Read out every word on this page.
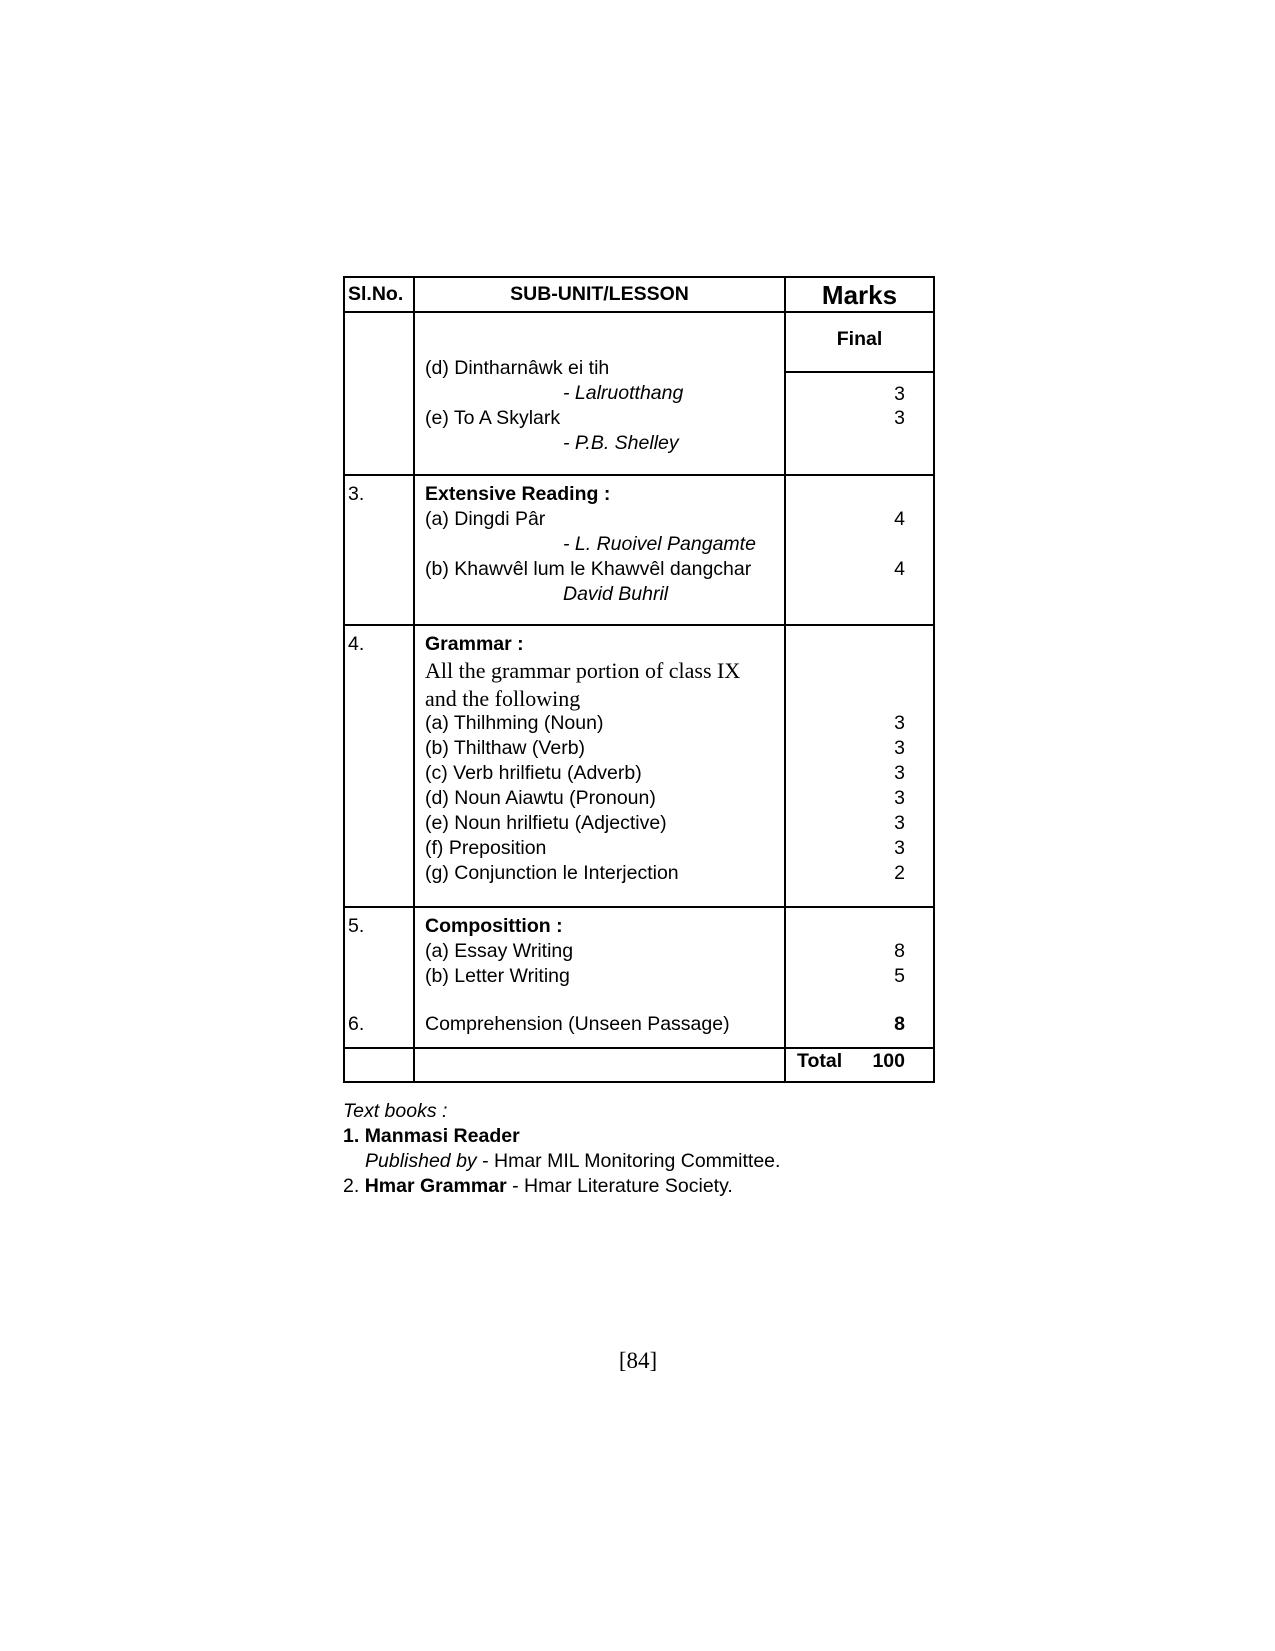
Sl.No.	SUB-UNIT/LESSON	Marks
Final
(d) Dintharnâwk ei tih
- Lalruotthang	3
(e) To A Skylark	3
- P.B. Shelley
3.	Extensive Reading :
(a) Dingdi Pâr	4
- L. Ruoivel Pangamte
(b) Khawvêl lum le Khawvêl dangchar	4
David Buhril
4.	Grammar :
All the grammar portion of class IX
and the following
(a) Thilhming (Noun)	3
(b) Thilthaw (Verb)	3
(c) Verb hrilfietu (Adverb)	3
(d) Noun Aiawtu (Pronoun)	3
(e) Noun hrilfietu (Adjective)	3
(f) Preposition	3
(g) Conjunction le Interjection	2
5.	Composittion :
(a) Essay Writing	8
(b) Letter Writing	5
6.	Comprehension (Unseen Passage)	8
Total	100
Text books :
1. Manmasi Reader
Published by - Hmar MIL Monitoring Committee.
2. Hmar Grammar - Hmar Literature Society.
[84]
